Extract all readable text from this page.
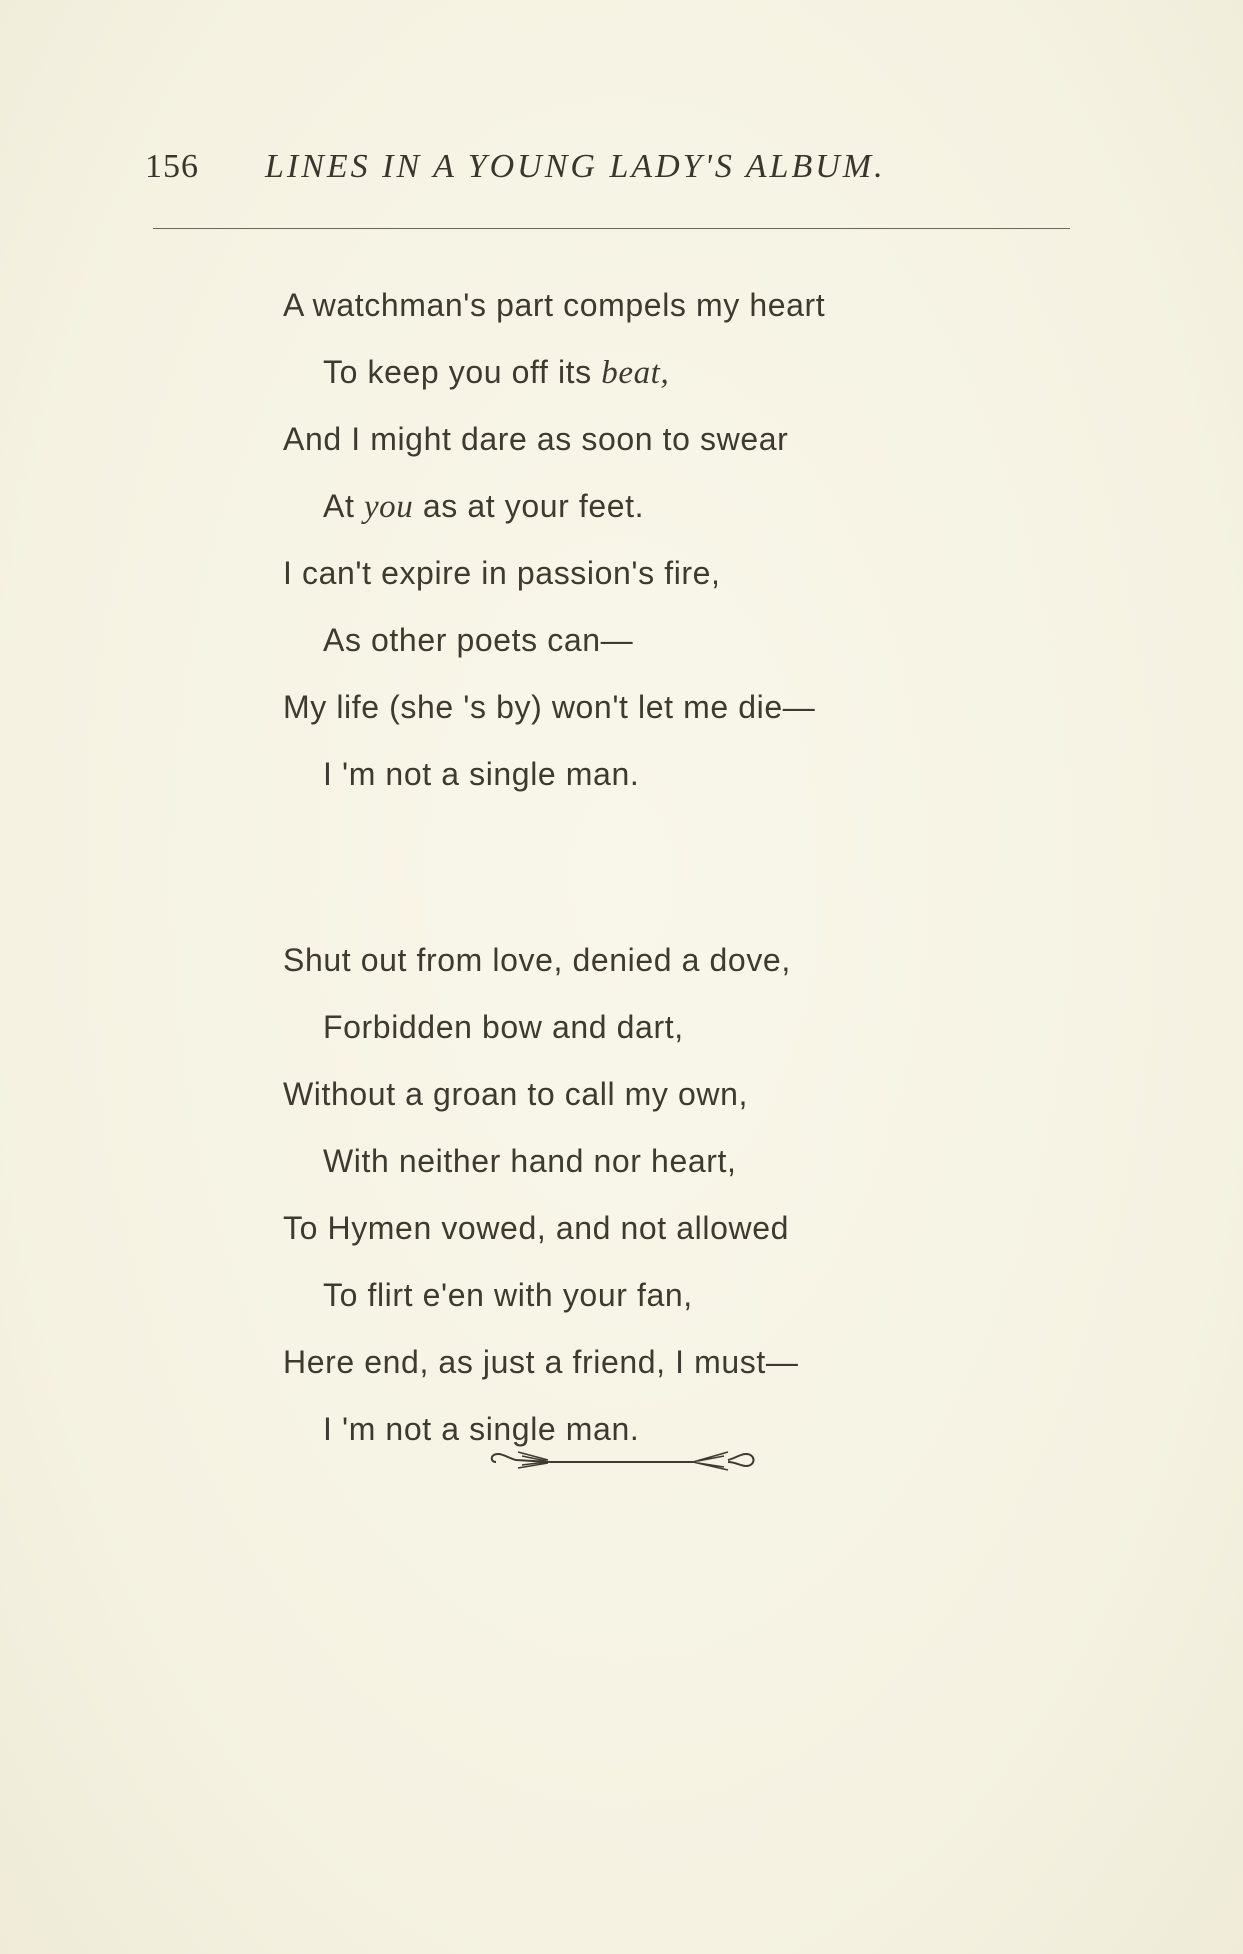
156 LINES IN A YOUNG LADY'S ALBUM.
A watchman's part compels my heart
To keep you off its beat,
And I might dare as soon to swear
At you as at your feet.
I can't expire in passion's fire,
As other poets can—
My life (she 's by) won't let me die—
I 'm not a single man.
Shut out from love, denied a dove,
Forbidden bow and dart,
Without a groan to call my own,
With neither hand nor heart,
To Hymen vowed, and not allowed
To flirt e'en with your fan,
Here end, as just a friend, I must—
I 'm not a single man.
